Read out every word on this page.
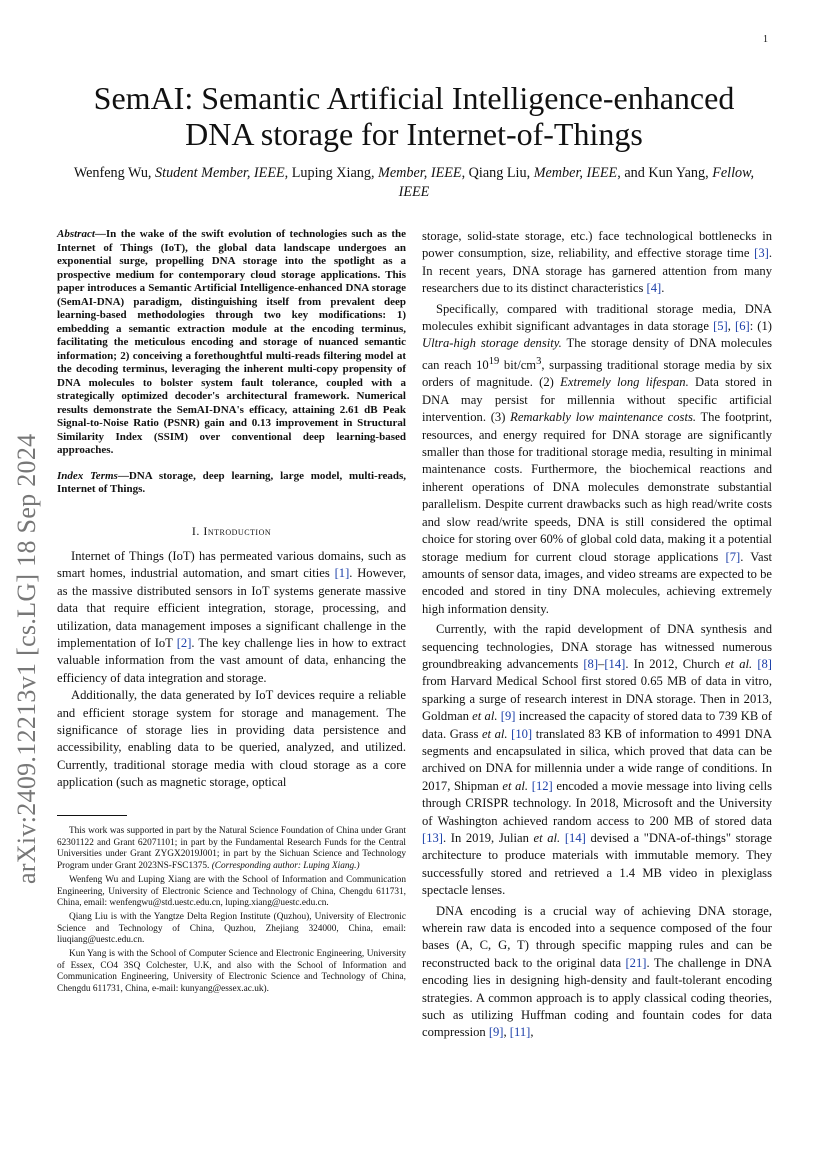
1
arXiv:2409.12213v1 [cs.LG] 18 Sep 2024
SemAI: Semantic Artificial Intelligence-enhanced
DNA storage for Internet-of-Things
Wenfeng Wu, Student Member, IEEE, Luping Xiang, Member, IEEE, Qiang Liu, Member, IEEE, and Kun Yang, Fellow, IEEE
Abstract—In the wake of the swift evolution of technologies such as the Internet of Things (IoT), the global data landscape undergoes an exponential surge, propelling DNA storage into the spotlight as a prospective medium for contemporary cloud storage applications. This paper introduces a Semantic Artificial Intelligence-enhanced DNA storage (SemAI-DNA) paradigm, distinguishing itself from prevalent deep learning-based methodologies through two key modifications: 1) embedding a semantic extraction module at the encoding terminus, facilitating the meticulous encoding and storage of nuanced semantic information; 2) conceiving a forethoughtful multi-reads filtering model at the decoding terminus, leveraging the inherent multi-copy propensity of DNA molecules to bolster system fault tolerance, coupled with a strategically optimized decoder's architectural framework. Numerical results demonstrate the SemAI-DNA's efficacy, attaining 2.61 dB Peak Signal-to-Noise Ratio (PSNR) gain and 0.13 improvement in Structural Similarity Index (SSIM) over conventional deep learning-based approaches.
Index Terms—DNA storage, deep learning, large model, multi-reads, Internet of Things.
I. Introduction

Internet of Things (IoT) has permeated various domains, such as smart homes, industrial automation, and smart cities [1]. However, as the massive distributed sensors in IoT systems generate massive data that require efficient integration, storage, processing, and utilization, data management imposes a significant challenge in the implementation of IoT [2]. The key challenge lies in how to extract valuable information from the vast amount of data, enhancing the efficiency of data integration and storage.

Additionally, the data generated by IoT devices require a reliable and efficient storage system for storage and management. The significance of storage lies in providing data persistence and accessibility, enabling data to be queried, analyzed, and utilized. Currently, traditional storage media with cloud storage as a core application (such as magnetic storage, optical

This work was supported in part by the Natural Science Foundation of China under Grant 62301122 and Grant 62071101; in part by the Fundamental Research Funds for the Central Universities under Grant ZYGX2019J001; in part by the Sichuan Science and Technology Program under Grant 2023NS-FSC1375. (Corresponding author: Luping Xiang.)

Wenfeng Wu and Luping Xiang are with the School of Information and Communication Engineering, University of Electronic Science and Technology of China, Chengdu 611731, China, email: wenfengwu@std.uestc.edu.cn, luping.xiang@uestc.edu.cn.

Qiang Liu is with the Yangtze Delta Region Institute (Quzhou), University of Electronic Science and Technology of China, Quzhou, Zhejiang 324000, China, email: liuqiang@uestc.edu.cn.

Kun Yang is with the School of Computer Science and Electronic Engineering, University of Essex, CO4 3SQ Colchester, U.K, and also with the School of Information and Communication Engineering, University of Electronic Science and Technology of China, Chengdu 611731, China, e-mail: kunyang@essex.ac.uk).

storage, solid-state storage, etc.) face technological bottlenecks in power consumption, size, reliability, and effective storage time [3]. In recent years, DNA storage has garnered attention from many researchers due to its distinct characteristics [4].

Specifically, compared with traditional storage media, DNA molecules exhibit significant advantages in data storage [5], [6]: (1) Ultra-high storage density. The storage density of DNA molecules can reach $10^{19}$ bit/$cm^3$, surpassing traditional storage media by six orders of magnitude. (2) Extremely long lifespan. Data stored in DNA may persist for millennia without specific artificial intervention. (3) Remarkably low maintenance costs. The footprint, resources, and energy required for DNA storage are significantly smaller than those for traditional storage media, resulting in minimal maintenance costs. Furthermore, the biochemical reactions and inherent operations of DNA molecules demonstrate substantial parallelism. Despite current drawbacks such as high read/write costs and slow read/write speeds, DNA is still considered the optimal choice for storing over 60% of global cold data, making it a potential storage medium for current cloud storage applications [7]. Vast amounts of sensor data, images, and video streams are expected to be encoded and stored in tiny DNA molecules, achieving extremely high information density.

Currently, with the rapid development of DNA synthesis and sequencing technologies, DNA storage has witnessed numerous groundbreaking advancements [8]–[14]. In 2012, Church et al. [8] from Harvard Medical School first stored 0.65 MB of data in vitro, sparking a surge of research interest in DNA storage. Then in 2013, Goldman et al. [9] increased the capacity of stored data to 739 KB of data. Grass et al. [10] translated 83 KB of information to 4991 DNA segments and encapsulated in silica, which proved that data can be archived on DNA for millennia under a wide range of conditions. In 2017, Shipman et al. [12] encoded a movie message into living cells through CRISPR technology. In 2018, Microsoft and the University of Washington achieved random access to 200 MB of stored data [13]. In 2019, Julian et al. [14] devised a "DNA-of-things" storage architecture to produce materials with immutable memory. They successfully stored and retrieved a 1.4 MB video in plexiglass spectacle lenses.

DNA encoding is a crucial way of achieving DNA storage, wherein raw data is encoded into a sequence composed of the four bases (A, C, G, T) through specific mapping rules and can be reconstructed back to the original data [21]. The challenge in DNA encoding lies in designing high-density and fault-tolerant encoding strategies. A common approach is to apply classical coding theories, such as utilizing Huffman coding and fountain codes for data compression [9], [11],
